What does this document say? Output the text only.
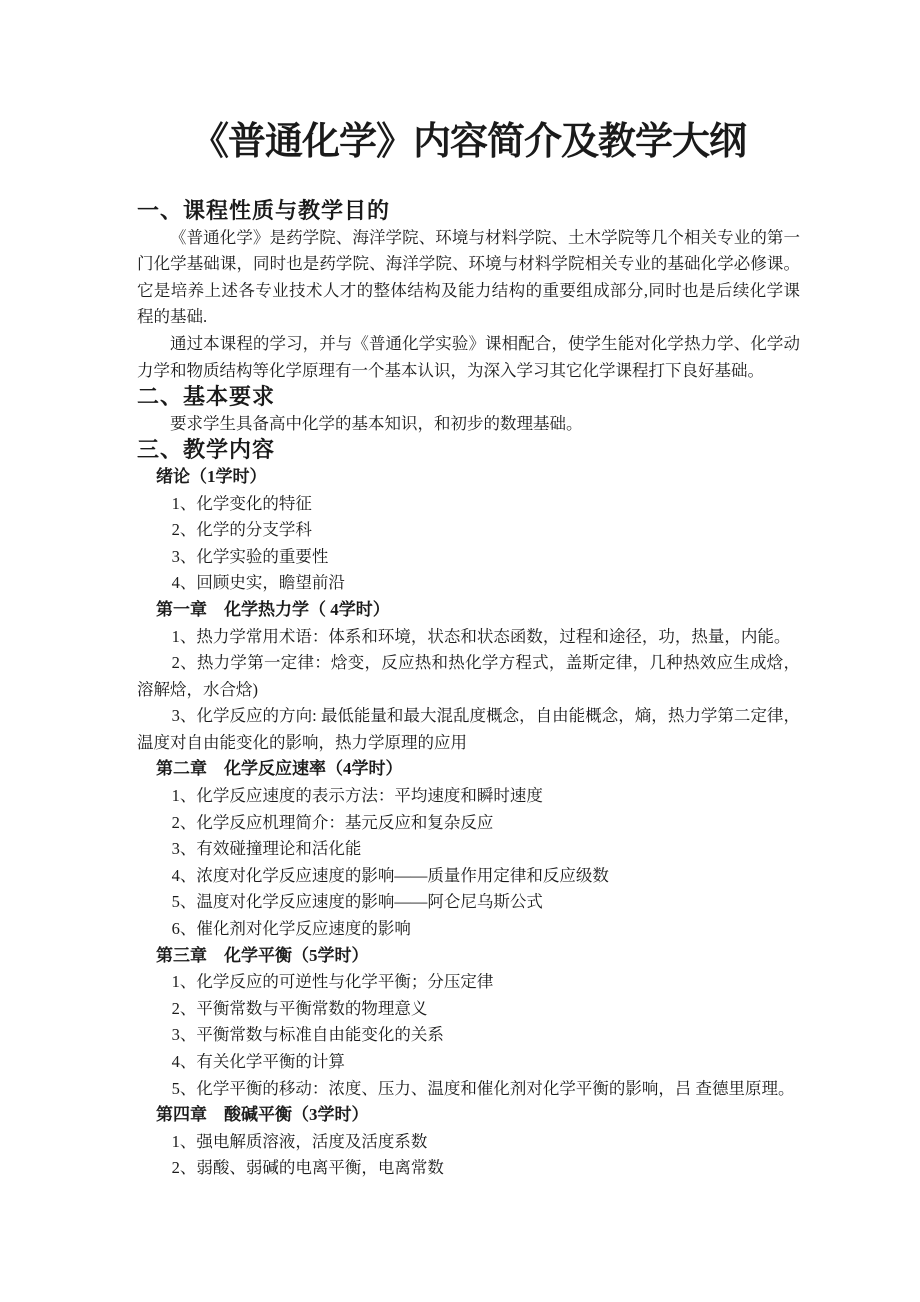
《普通化学》内容简介及教学大纲
一、课程性质与教学目的

《普通化学》是药学院、海洋学院、环境与材料学院、土木学院等几个相关专业的第一门化学基础课，同时也是药学院、海洋学院、环境与材料学院相关专业的基础化学必修课。它是培养上述各专业技术人才的整体结构及能力结构的重要组成部分,同时也是后续化学课程的基础.

通过本课程的学习，并与《普通化学实验》课相配合，使学生能对化学热力学、化学动力学和物质结构等化学原理有一个基本认识，为深入学习其它化学课程打下良好基础。

二、基本要求

要求学生具备高中化学的基本知识，和初步的数理基础。

三、教学内容
绪论（1学时）

1、化学变化的特征

2、化学的分支学科

3、化学实验的重要性

4、回顾史实，瞻望前沿

第一章　化学热力学（ 4学时）

1、热力学常用术语：体系和环境，状态和状态函数，过程和途径，功，热量，内能。

2、热力学第一定律：焓变，反应热和热化学方程式，盖斯定律，几种热效应生成焓，溶解焓，水合焓)

3、化学反应的方向: 最低能量和最大混乱度概念，自由能概念，熵，热力学第二定律，温度对自由能变化的影响，热力学原理的应用

第二章　化学反应速率（4学时）

1、化学反应速度的表示方法：平均速度和瞬时速度

2、化学反应机理简介：基元反应和复杂反应

3、有效碰撞理论和活化能

4、浓度对化学反应速度的影响——质量作用定律和反应级数

5、温度对化学反应速度的影响——阿仑尼乌斯公式

6、催化剂对化学反应速度的影响

第三章　化学平衡（5学时）

1、化学反应的可逆性与化学平衡；分压定律

2、平衡常数与平衡常数的物理意义

3、平衡常数与标准自由能变化的关系

4、有关化学平衡的计算

5、化学平衡的移动：浓度、压力、温度和催化剂对化学平衡的影响，吕 查德里原理。

第四章　酸碱平衡（3学时）

1、强电解质溶液，活度及活度系数

2、弱酸、弱碱的电离平衡，电离常数
